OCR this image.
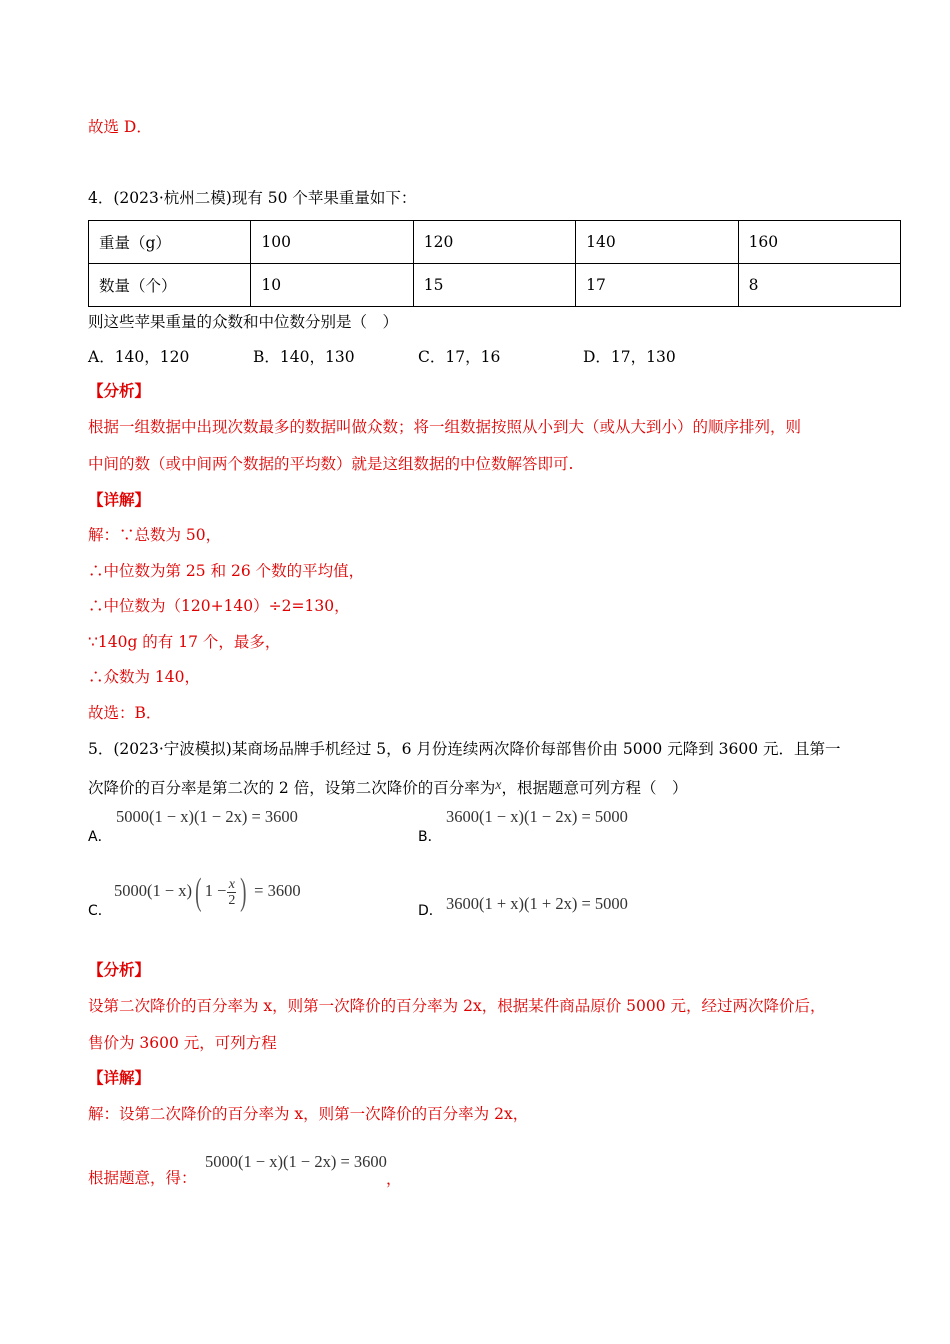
故选 D．
4．(2023·杭州二模)现有 50 个苹果重量如下：
重量（g）	100	120	140	160
数量（个）	10	15	17	8
则这些苹果重量的众数和中位数分别是（　）
A．140，120	B．140，130	C．17，16	D．17，130
【分析】
根据一组数据中出现次数最多的数据叫做众数；将一组数据按照从小到大（或从大到小）的顺序排列，则
中间的数（或中间两个数据的平均数）就是这组数据的中位数解答即可.
【详解】
解：∵总数为 50，
∴中位数为第 25 和 26 个数的平均值，
∴中位数为（120+140）÷2=130，
∵140g 的有 17 个，最多，
∴众数为 140，
故选：B．
5．(2023·宁波模拟)某商场品牌手机经过 5，6 月份连续两次降价每部售价由 5000 元降到 3600 元．且第一
次降价的百分率是第二次的 2 倍，设第二次降价的百分率为x，根据题意可列方程（　）
A．
5000(1 − x)(1 − 2x) = 3600
B．
3600(1 − x)(1 − 2x) = 5000
C．
5000(1 − x)( $1 - \frac{x}{2}$ ) = 3600
D． 3600(1 + x)(1 + 2x) = 5000
【分析】
设第二次降价的百分率为 x，则第一次降价的百分率为 2x，根据某件商品原价 5000 元，经过两次降价后，
售价为 3600 元，可列方程
【详解】
解：设第二次降价的百分率为 x，则第一次降价的百分率为 2x，
根据题意，得：
5000(1 − x)(1 − 2x) = 3600
，
